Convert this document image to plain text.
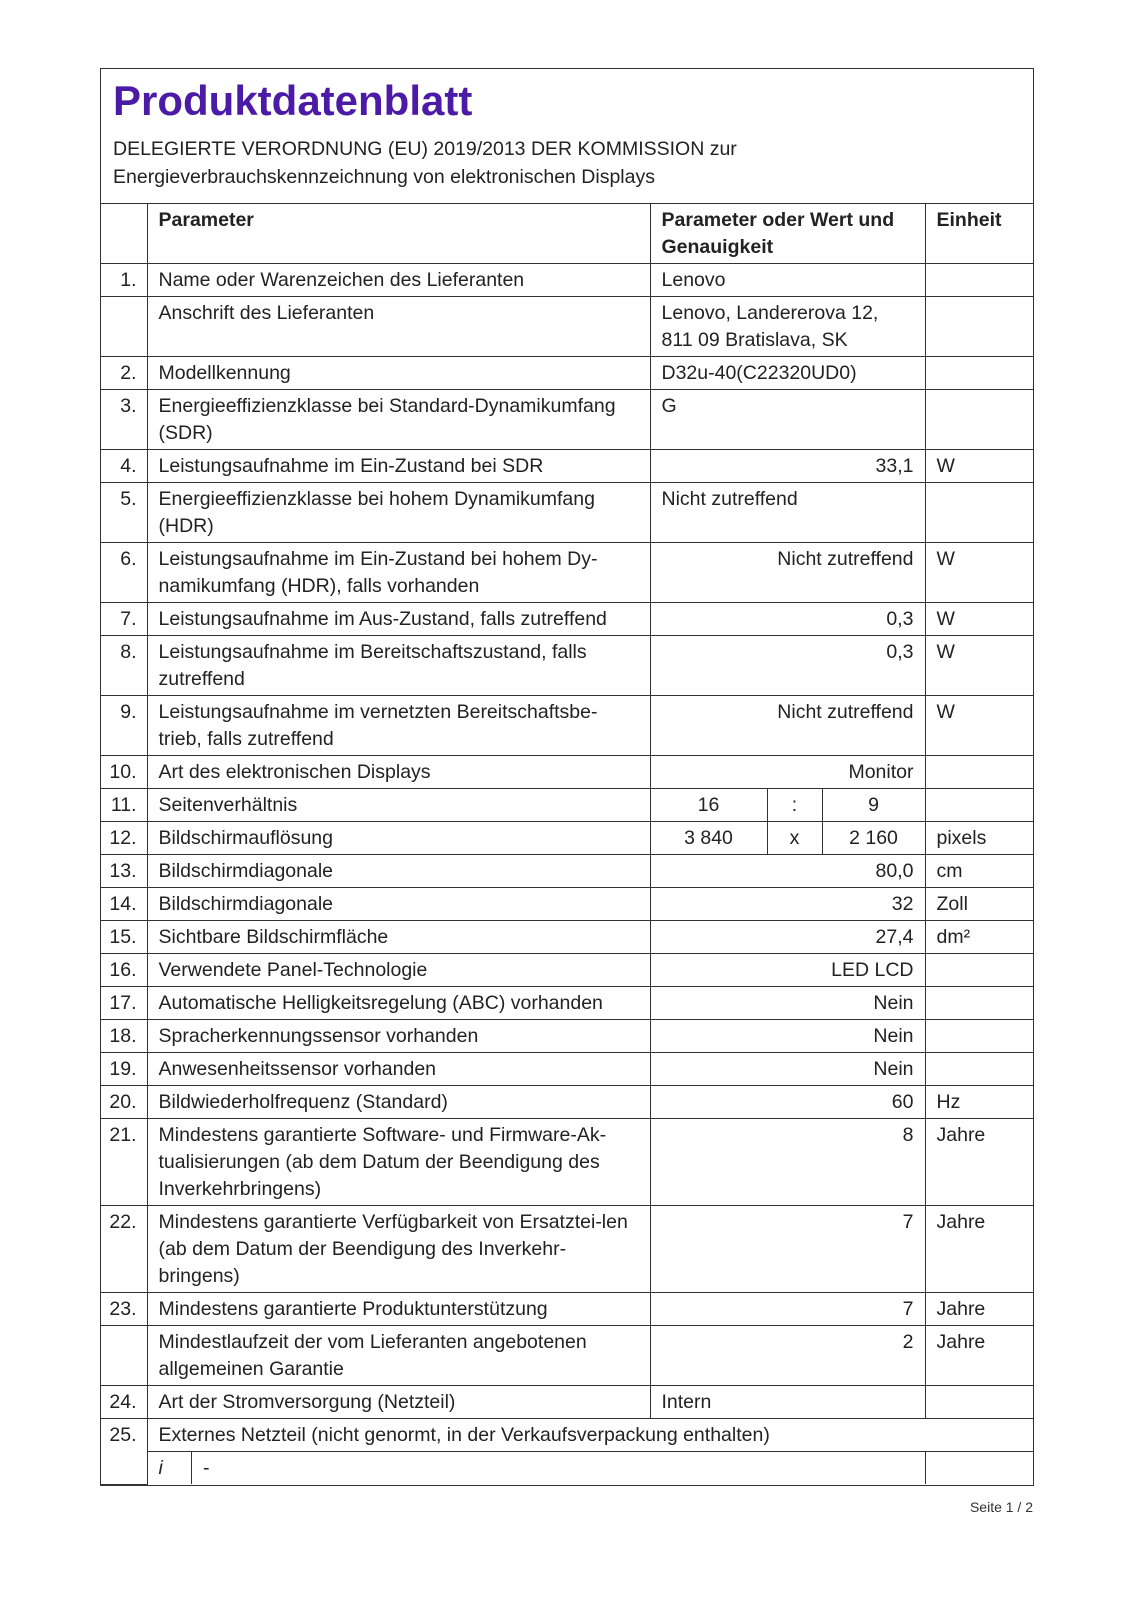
Produktdatenblatt
DELEGIERTE VERORDNUNG (EU) 2019/2013 DER KOMMISSION zur
Energieverbrauchskennzeichnung von elektronischen Displays
	Parameter	Parameter oder Wert und Genauigkeit	Einheit
1.	Name oder Warenzeichen des Lieferanten	Lenovo	
	Anschrift des Lieferanten	Lenovo, Landererova 12, 811 09 Bratislava, SK	
2.	Modellkennung	D32u-40(C22320UD0)	
3.	Energieeffizienzklasse bei Standard-Dynamikumfang (SDR)	G	
4.	Leistungsaufnahme im Ein-Zustand bei SDR	33,1	W
5.	Energieeffizienzklasse bei hohem Dynamikumfang (HDR)	Nicht zutreffend	
6.	Leistungsaufnahme im Ein-Zustand bei hohem Dy-namikumfang (HDR), falls vorhanden	Nicht zutreffend	W
7.	Leistungsaufnahme im Aus-Zustand, falls zutreffend	0,3	W
8.	Leistungsaufnahme im Bereitschaftszustand, falls zutreffend	0,3	W
9.	Leistungsaufnahme im vernetzten Bereitschaftsbe-trieb, falls zutreffend	Nicht zutreffend	W
10.	Art des elektronischen Displays	Monitor	
11.	Seitenverhältnis	16	:	9	
12.	Bildschirmauflösung	3 840	x	2 160	pixels
13.	Bildschirmdiagonale	80,0	cm
14.	Bildschirmdiagonale	32	Zoll
15.	Sichtbare Bildschirmfläche	27,4	dm²
16.	Verwendete Panel-Technologie	LED LCD	
17.	Automatische Helligkeitsregelung (ABC) vorhanden	Nein	
18.	Spracherkennungssensor vorhanden	Nein	
19.	Anwesenheitssensor vorhanden	Nein	
20.	Bildwiederholfrequenz (Standard)	60	Hz
21.	Mindestens garantierte Software- und Firmware-Ak-tualisierungen (ab dem Datum der Beendigung des Inverkehrbringens)	8	Jahre
22.	Mindestens garantierte Verfügbarkeit von Ersatztei-len (ab dem Datum der Beendigung des Inverkehr-bringens)	7	Jahre
23.	Mindestens garantierte Produktunterstützung	7	Jahre
	Mindestlaufzeit der vom Lieferanten angebotenen allgemeinen Garantie	2	Jahre
24.	Art der Stromversorgung (Netzteil)	Intern	
25.	Externes Netzteil (nicht genormt, in der Verkaufsverpackung enthalten)

i	-

Seite 1 / 2
